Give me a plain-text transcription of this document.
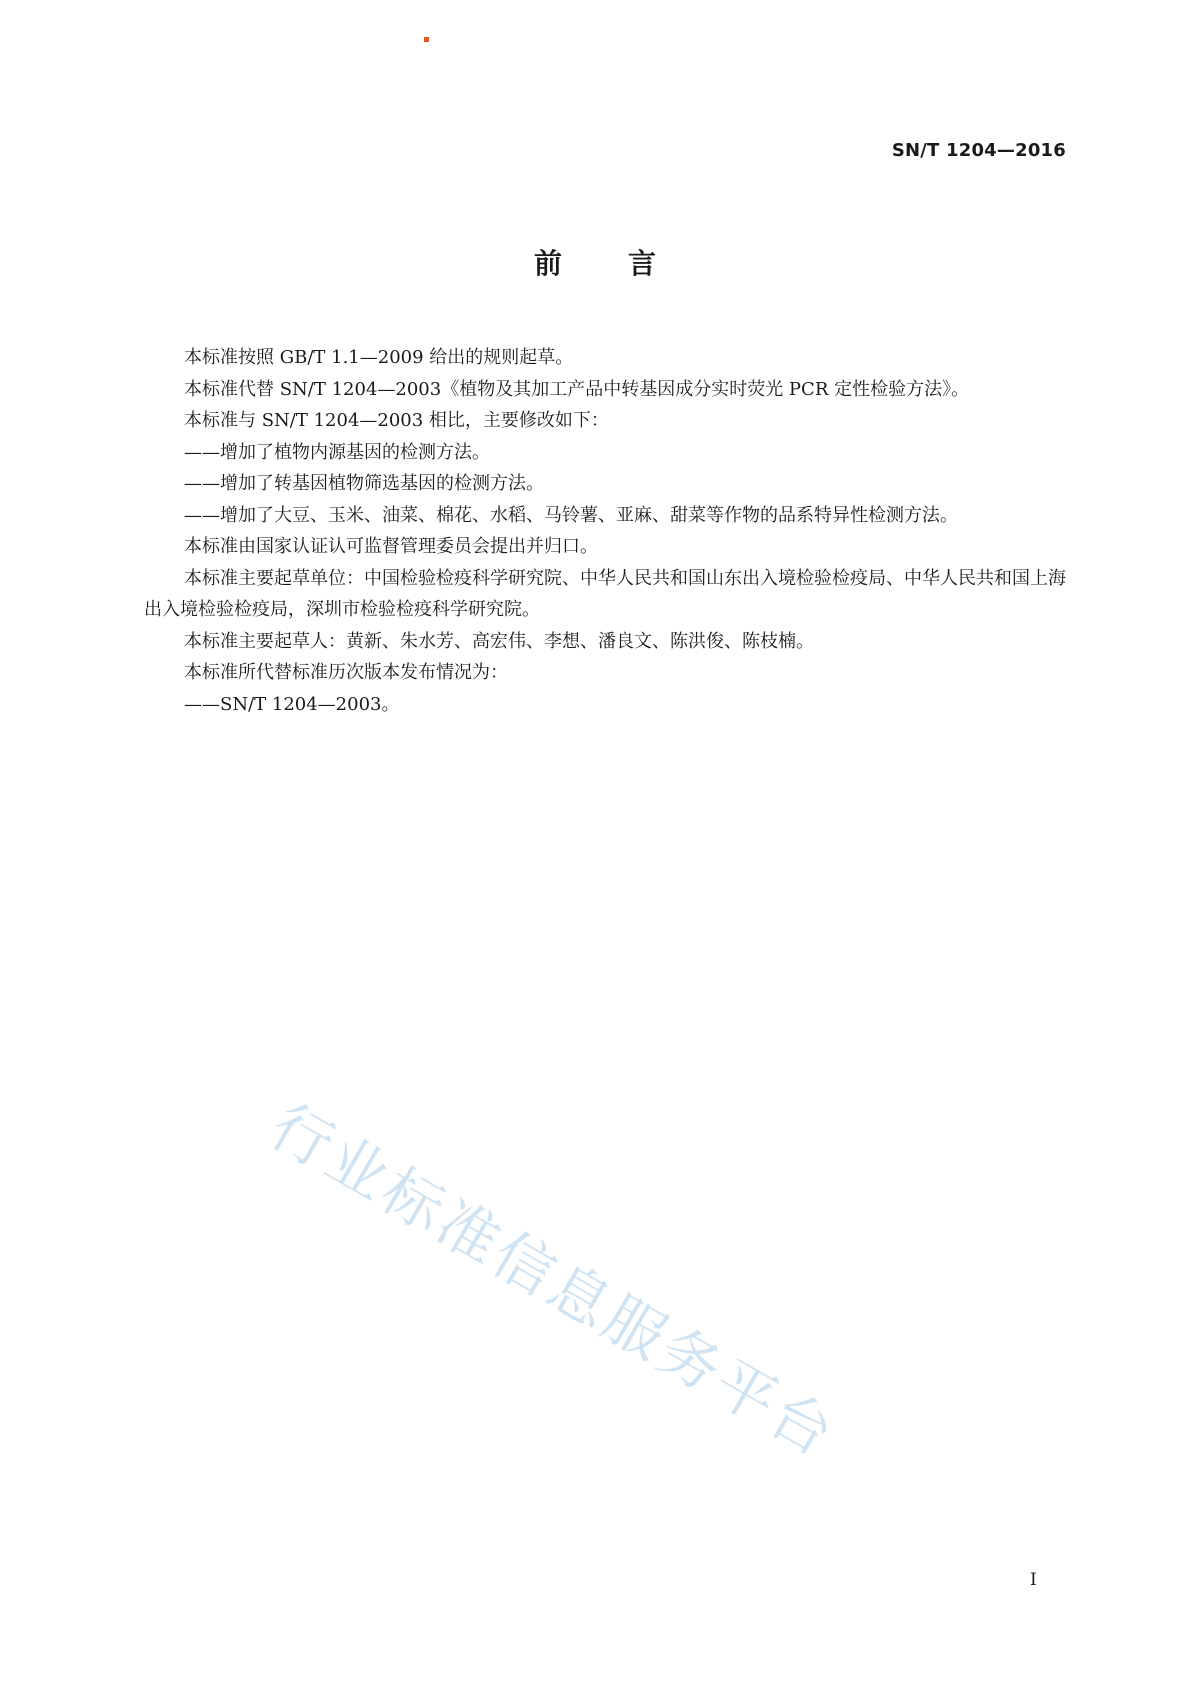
SN/T 1204—2016
前言

本标准按照 GB/T 1.1—2009 给出的规则起草。

本标准代替 SN/T 1204—2003《植物及其加工产品中转基因成分实时荧光 PCR 定性检验方法》。

本标准与 SN/T 1204—2003 相比，主要修改如下：

——增加了植物内源基因的检测方法。

——增加了转基因植物筛选基因的检测方法。

——增加了大豆、玉米、油菜、棉花、水稻、马铃薯、亚麻、甜菜等作物的品系特异性检测方法。

本标准由国家认证认可监督管理委员会提出并归口。

本标准主要起草单位：中国检验检疫科学研究院、中华人民共和国山东出入境检验检疫局、中华人民共和国上海出入境检验检疫局，深圳市检验检疫科学研究院。

本标准主要起草人：黄新、朱水芳、高宏伟、李想、潘良文、陈洪俊、陈枝楠。

本标准所代替标准历次版本发布情况为：

——SN/T 1204—2003。

行业标准信息服务平台
I
